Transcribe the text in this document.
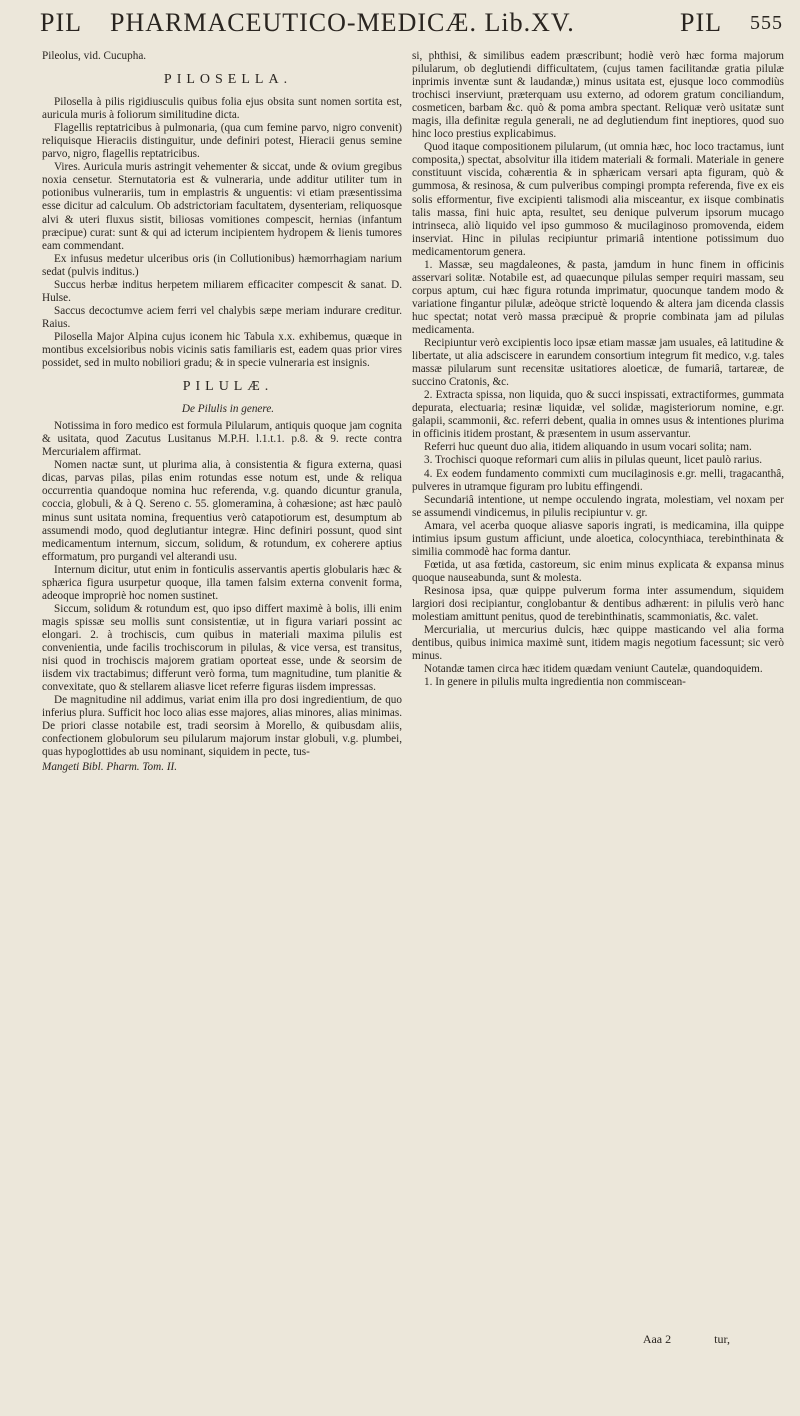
PIL PHARMACEUTICO-MEDICÆ. Lib.XV.	PIL 555

Pileolus, vid. Cucupha.

PILOSELLA.

Pilosella à pilis rigidiusculis quibus folia ejus obsita sunt nomen sortita est, auricula muris à foliorum similitudine dicta.

Flagellis reptatricibus à pulmonaria, (qua cum femine parvo, nigro convenit) reliquisque Hieraciis distinguitur, unde definiri potest, Hieracii genus semine parvo, nigro, flagellis reptatricibus.

Vires. Auricula muris astringit vehementer & siccat, unde & ovium gregibus noxia censetur. Sternutatoria est & vulneraria, unde additur utiliter tum in potionibus vulnerariis, tum in emplastris & unguentis: vi etiam præsentissima esse dicitur ad calculum. Ob adstrictoriam facultatem, dysenteriam, reliquosque alvi & uteri fluxus sistit, biliosas vomitiones compescit, hernias (infantum præcipue) curat: sunt & qui ad icterum incipientem hydropem & lienis tumores eam commendant.

Ex infusus medetur ulceribus oris (in Collutionibus) hæmorrhagiam narium sedat (pulvis inditus.)

Succus herbæ inditus herpetem miliarem efficaciter compescit & sanat. D. Hulse.

Saccus decoctumve aciem ferri vel chalybis sæpe meriam indurare creditur. Raius.

Pilosella Major Alpina cujus iconem hic Tabula x.x. exhibemus, quæque in montibus excelsioribus nobis vicinis satis familiaris est, eadem quas prior vires possidet, sed in multo nobiliori gradu; & in specie vulneraria est insignis.

PILULÆ.

De Pilulis in genere.

Notissima in foro medico est formula Pilularum, antiquis quoque jam cognita & usitata, quod Zacutus Lusitanus M.P.H. l.1.t.1. p.8. & 9. recte contra Mercurialem affirmat.

Nomen nactæ sunt, ut plurima alia, à consistentia & figura externa, quasi dicas, parvas pilas, pilas enim rotundas esse notum est, unde & reliqua occurrentia quandoque nomina huc referenda, v.g. quando dicuntur granula, coccia, globuli, & à Q. Sereno c. 55. glomeramina, à cohæsione; ast hæc paulò minus sunt usitata nomina, frequentius verò catapotiorum est, desumptum ab assumendi modo, quod deglutiantur integræ. Hinc definiri possunt, quod sint medicamentum internum, siccum, solidum, & rotundum, ex coherere aptius efformatum, pro purgandi vel alterandi usu.

Internum dicitur, utut enim in fonticulis asservantis apertis globularis hæc & sphærica figura usurpetur quoque, illa tamen falsim externa convenit forma, adeoque impropriè hoc nomen sustinet.

Siccum, solidum & rotundum est, quo ipso differt maximè à bolis, illi enim magis spissæ seu mollis sunt consistentiæ, ut in figura variari possint ac elongari. 2. à trochiscis, cum quibus in materiali maxima pilulis est convenientia, unde facilis trochiscorum in pilulas, & vice versa, est transitus, nisi quod in trochiscis majorem gratiam oporteat esse, unde & seorsim de iisdem vix tractabimus; differunt verò forma, tum magnitudine, tum planitie & convexitate, quo & stellarem aliasve licet referre figuras iisdem impressas.

De magnitudine nil addimus, variat enim illa pro dosi ingredientium, de quo inferius plura. Sufficit hoc loco alias esse majores, alias minores, alias minimas. De priori classe notabile est, tradi seorsim à Morello, & quibusdam aliis, confectionem globulorum seu pilularum majorum instar globuli, v.g. plumbei, quas hypoglottides ab usu nominant, siquidem in pecte, tus-

Mangeti Bibl. Pharm. Tom. II.

si, phthisi, & similibus eadem præscribunt; hodiè verò hæc forma majorum pilularum, ob deglutiendi difficultatem, (cujus tamen facilitandæ gratia pilulæ inprimis inventæ sunt & laudandæ,) minus usitata est, ejusque loco commodiùs trochisci inserviunt, præterquam usu externo, ad odorem gratum conciliandum, cosmeticen, barbam &c. quò & poma ambra spectant. Reliquæ verò usitatæ sunt magis, illa definitæ regula generali, ne ad deglutiendum fint ineptiores, quod suo hinc loco prestius explicabimus.

Quod itaque compositionem pilularum, (ut omnia hæc, hoc loco tractamus, iunt composita,) spectat, absolvitur illa itidem materiali & formali. Materiale in genere constituunt viscida, cohærentia & in sphæricam versari apta figuram, quò & gummosa, & resinosa, & cum pulveribus compingi prompta referenda, five ex eis solis efformentur, five excipienti talismodi alia misceantur, ex iisque combinatis talis massa, fini huic apta, resultet, seu denique pulverum ipsorum mucago intrinseca, aliò liquido vel ipso gummoso & mucilaginoso promovenda, eidem inserviat. Hinc in pilulas recipiuntur primariâ intentione potissimum duo medicamentorum genera.

1. Massæ, seu magdaleones, & pasta, jamdum in hunc finem in officinis asservari solitæ. Notabile est, ad quaecunque pilulas semper requiri massam, seu corpus aptum, cui hæc figura rotunda imprimatur, quocunque tandem modo & variatione fingantur pilulæ, adeòque strictè loquendo & altera jam dicenda classis huc spectat; notat verò massa præcipuè & proprie combinata jam ad pilulas medicamenta.

Recipiuntur verò excipientis loco ipsæ etiam massæ jam usuales, eâ latitudine & libertate, ut alia adsciscere in earundem consortium integrum fit medico, v.g. tales massæ pilularum sunt recensitæ usitatiores aloeticæ, de fumariâ, tartareæ, de succino Cratonis, &c.

2. Extracta spissa, non liquida, quo & succi inspissati, extractiformes, gummata depurata, electuaria; resinæ liquidæ, vel solidæ, magisteriorum nomine, e.gr. galapii, scammonii, &c. referri debent, qualia in omnes usus & intentiones plurima in officinis itidem prostant, & præsentem in usum asservantur.

Referri huc queunt duo alia, itidem aliquando in usum vocari solita; nam.

3. Trochisci quoque reformari cum aliis in pilulas queunt, licet paulò rarius.

4. Ex eodem fundamento commixti cum mucilaginosis e.gr. melli, tragacanthâ, pulveres in utramque figuram pro lubitu effingendi.

Secundariâ intentione, ut nempe occulendo ingrata, molestiam, vel noxam per se assumendi vindicemus, in pilulis recipiuntur v. gr.

Amara, vel acerba quoque aliasve saporis ingrati, is medicamina, illa quippe intimius ipsum gustum afficiunt, unde aloetica, colocynthiaca, terebinthinata & similia commodè hac forma dantur.

Fœtida, ut asa fœtida, castoreum, sic enim minus explicata & expansa minus quoque nauseabunda, sunt & molesta.

Resinosa ipsa, quæ quippe pulverum forma inter assumendum, siquidem largiori dosi recipiantur, conglobantur & dentibus adhærent: in pilulis verò hanc molestiam amittunt penitus, quod de terebinthinatis, scammoniatis, &c. valet.

Mercurialia, ut mercurius dulcis, hæc quippe masticando vel alia forma dentibus, quibus inimica maximè sunt, itidem magis negotium facessunt; sic verò minus.

Notandæ tamen circa hæc itidem quædam veniunt Cautelæ, quandoquidem.

1. In genere in pilulis multa ingredientia non commiscean-

Aaa 2	tur,
